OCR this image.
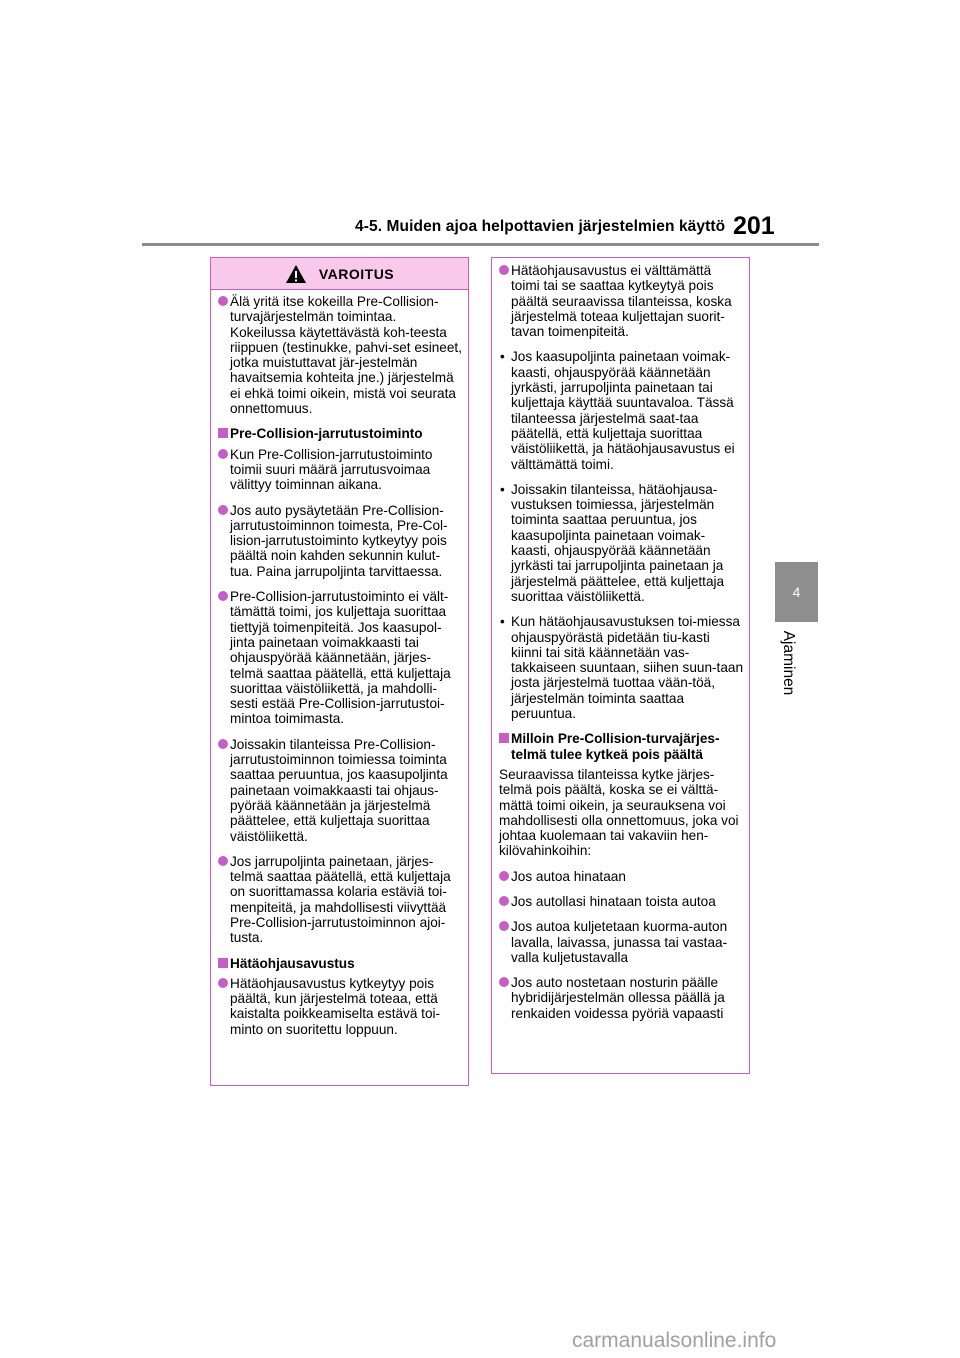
4-5. Muiden ajoa helpottavien järjestelmien käyttö 201
4
Ajaminen
VAROITUS
Älä yritä itse kokeilla Pre-Collision-turvajärjestelmän toimintaa. Kokeilussa käytettävästä koh-teesta riippuen (testinukke, pahvi-set esineet, jotka muistuttavat jär-jestelmän havaitsemia kohteita jne.) järjestelmä ei ehkä toimi oikein, mistä voi seurata onnettomuus.
Pre-Collision-jarrutustoiminto
Kun Pre-Collision-jarrutustoiminto toimii suuri määrä jarrutusvoimaa välittyy toiminnan aikana.
Jos auto pysäytetään Pre-Collision-jarrutustoiminnon toimesta, Pre-Col-lision-jarrutustoiminto kytkeytyy pois päältä noin kahden sekunnin kulut-tua. Paina jarrupoljinta tarvittaessa.
Pre-Collision-jarrutustoiminto ei vält-tämättä toimi, jos kuljettaja suorittaa tiettyjä toimenpiteitä. Jos kaasupol-jinta painetaan voimakkaasti tai ohjauspyörää käännetään, järjes-telmä saattaa päätellä, että kuljettaja suorittaa väistöliikettä, ja mahdolli-sesti estää Pre-Collision-jarrutustoi-mintoa toimimasta.
Joissakin tilanteissa Pre-Collision-jarrutustoiminnon toimiessa toiminta saattaa peruuntua, jos kaasupoljinta painetaan voimakkaasti tai ohjaus-pyörää käännetään ja järjestelmä päättelee, että kuljettaja suorittaa väistöliikettä.
Jos jarrupoljinta painetaan, järjes-telmä saattaa päätellä, että kuljettaja on suorittamassa kolaria estäviä toi-menpiteitä, ja mahdollisesti viivyttää Pre-Collision-jarrutustoiminnon ajoi-tusta.
Hätäohjausavustus
Hätäohjausavustus kytkeytyy pois päältä, kun järjestelmä toteaa, että kaistalta poikkeamiselta estävä toi-minto on suoritettu loppuun.
Hätäohjausavustus ei välttämättä toimi tai se saattaa kytkeytyä pois päältä seuraavissa tilanteissa, koska järjestelmä toteaa kuljettajan suorit-tavan toimenpiteitä.
• Jos kaasupoljinta painetaan voimak-kaasti, ohjauspyörää käännetään jyrkästi, jarrupoljinta painetaan tai kuljettaja käyttää suuntavaloa. Tässä tilanteessa järjestelmä saat-taa päätellä, että kuljettaja suorittaa väistöliikettä, ja hätäohjausavustus ei välttämättä toimi.
• Joissakin tilanteissa, hätäohjausa-vustuksen toimiessa, järjestelmän toiminta saattaa peruuntua, jos kaasupoljinta painetaan voimak-kaasti, ohjauspyörää käännetään jyrkästi tai jarrupoljinta painetaan ja järjestelmä päättelee, että kuljettaja suorittaa väistöliikettä.
• Kun hätäohjausavustuksen toi-miessa ohjauspyörästä pidetään tiu-kasti kiinni tai sitä käännetään vas-takkaiseen suuntaan, siihen suun-taan josta järjestelmä tuottaa vään-töä, järjestelmän toiminta saattaa peruuntua.
Milloin Pre-Collision-turvajärjes-telmä tulee kytkeä pois päältä
Seuraavissa tilanteissa kytke järjes-telmä pois päältä, koska se ei välttä-mättä toimi oikein, ja seurauksena voi mahdollisesti olla onnettomuus, joka voi johtaa kuolemaan tai vakaviin hen-kilövahinkoihin:
Jos autoa hinataan
Jos autollasi hinataan toista autoa
Jos autoa kuljetetaan kuorma-auton lavalla, laivassa, junassa tai vastaa-valla kuljetustavalla
Jos auto nostetaan nosturin päälle hybridijärjestelmän ollessa päällä ja renkaiden voidessa pyöriä vapaasti
carmanualsonline.info
